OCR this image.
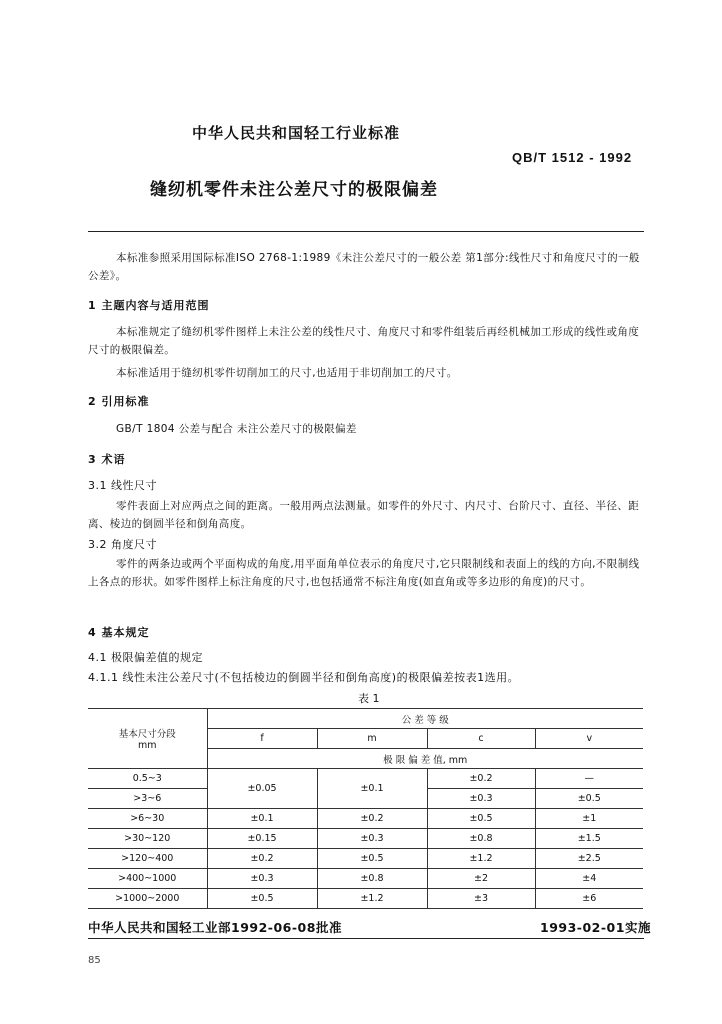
中华人民共和国轻工行业标准
QB/T 1512 - 1992
缝纫机零件未注公差尺寸的极限偏差
本标准参照采用国际标准ISO 2768-1:1989《未注公差尺寸的一般公差 第1部分:线性尺寸和角度尺寸的一般公差》。
1 主题内容与适用范围
本标准规定了缝纫机零件图样上未注公差的线性尺寸、角度尺寸和零件组装后再经机械加工形成的线性或角度尺寸的极限偏差。
本标准适用于缝纫机零件切削加工的尺寸,也适用于非切削加工的尺寸。
2 引用标准
GB/T 1804 公差与配合 未注公差尺寸的极限偏差
3 术语
3.1 线性尺寸
零件表面上对应两点之间的距离。一般用两点法测量。如零件的外尺寸、内尺寸、台阶尺寸、直径、半径、距离、棱边的倒圆半径和倒角高度。
3.2 角度尺寸
零件的两条边或两个平面构成的角度,用平面角单位表示的角度尺寸,它只限制线和表面上的线的方向,不限制线上各点的形状。如零件图样上标注角度的尺寸,也包括通常不标注角度(如直角或等多边形的角度)的尺寸。
4 基本规定
4.1 极限偏差值的规定
4.1.1 线性未注公差尺寸(不包括棱边的倒圆半径和倒角高度)的极限偏差按表1选用。
表 1
基本尺寸分段
mm	公 差 等 级			
	f	m	c	v
	极 限 偏 差 值, mm			
0.5~3	±0.05	±0.1	±0.2	—
>3~6			±0.3	±0.5
>6~30	±0.1	±0.2	±0.5	±1
>30~120	±0.15	±0.3	±0.8	±1.5
>120~400	±0.2	±0.5	±1.2	±2.5
>400~1000	±0.3	±0.8	±2	±4
>1000~2000	±0.5	±1.2	±3	±6
中华人民共和国轻工业部1992-06-08批准	1993-02-01实施
85
